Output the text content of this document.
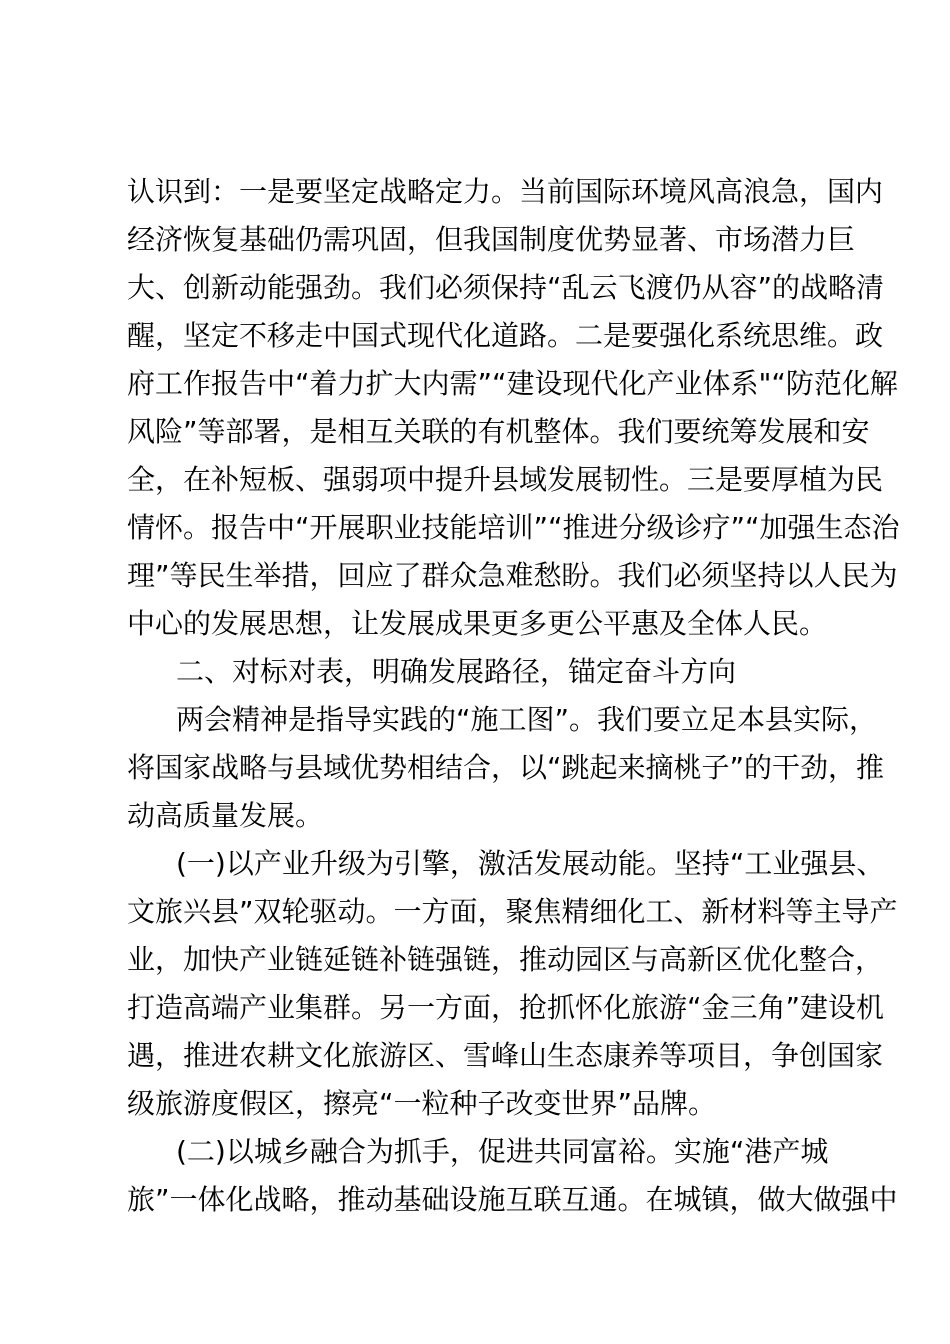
认识到：一是要坚定战略定力。当前国际环境风高浪急，国内
经济恢复基础仍需巩固，但我国制度优势显著、市场潜力巨
大、创新动能强劲。我们必须保持“乱云飞渡仍从容”的战略清
醒，坚定不移走中国式现代化道路。二是要强化系统思维。政
府工作报告中“着力扩大内需”“建设现代化产业体系"“防范化解
风险”等部署，是相互关联的有机整体。我们要统筹发展和安
全，在补短板、强弱项中提升县域发展韧性。三是要厚植为民
情怀。报告中“开展职业技能培训”“推进分级诊疗”“加强生态治
理”等民生举措，回应了群众急难愁盼。我们必须坚持以人民为
中心的发展思想，让发展成果更多更公平惠及全体人民。
二、对标对表，明确发展路径，锚定奋斗方向
两会精神是指导实践的“施工图”。我们要立足本县实际，
将国家战略与县域优势相结合，以“跳起来摘桃子”的干劲，推
动高质量发展。
(一)以产业升级为引擎，激活发展动能。坚持“工业强县、
文旅兴县”双轮驱动。一方面，聚焦精细化工、新材料等主导产
业，加快产业链延链补链强链，推动园区与高新区优化整合，
打造高端产业集群。另一方面，抢抓怀化旅游“金三角”建设机
遇，推进农耕文化旅游区、雪峰山生态康养等项目，争创国家
级旅游度假区，擦亮“一粒种子改变世界”品牌。
(二)以城乡融合为抓手，促进共同富裕。实施“港产城
旅”一体化战略，推动基础设施互联互通。在城镇，做大做强中
